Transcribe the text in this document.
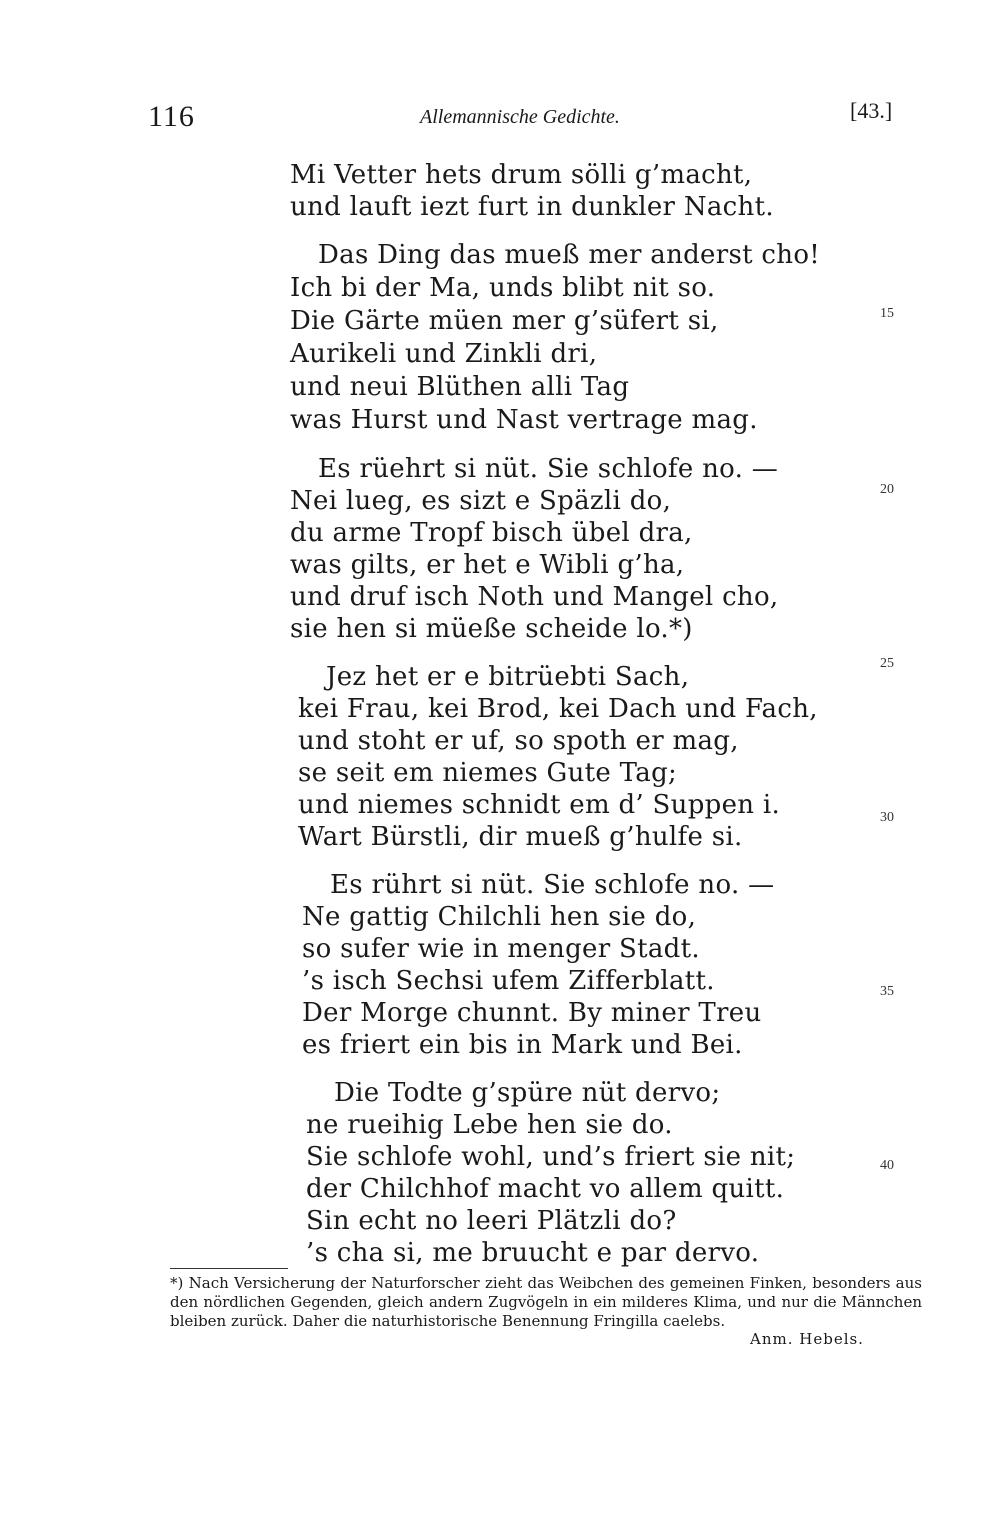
116	Allemannische Gedichte.	[43.]
Mi Vetter hets drum sölli g’macht,
und lauft iezt furt in dunkler Nacht.
Das Ding das mueß mer anderst cho!
Ich bi der Ma, unds blibt nit so.
Die Gärte müen mer g’süfert si,
Aurikeli und Zinkli dri,
und neui Blüthen alli Tag
was Hurst und Nast vertrage mag.
Es rüehrt si nüt. Sie schlofe no. —
Nei lueg, es sizt e Späzli do,
du arme Tropf bisch übel dra,
was gilts, er het e Wibli g’ha,
und druf isch Noth und Mangel cho,
sie hen si müeße scheide lo.*)
Jez het er e bitrüebti Sach,
kei Frau, kei Brod, kei Dach und Fach,
und stoht er uf, so spoth er mag,
se seit em niemes Gute Tag;
und niemes schnidt em d’ Suppen i.
Wart Bürstli, dir mueß g’hulfe si.
Es rührt si nüt. Sie schlofe no. —
Ne gattig Chilchli hen sie do,
so sufer wie in menger Stadt.
’s isch Sechsi ufem Zifferblatt.
Der Morge chunnt. By miner Treu
es friert ein bis in Mark und Bei.
Die Todte g’spüre nüt dervo;
ne rueihig Lebe hen sie do.
Sie schlofe wohl, und’s friert sie nit;
der Chilchhof macht vo allem quitt.
Sin echt no leeri Plätzli do?
’s cha si, me bruucht e par dervo.
15
20
25
30
35
40
*) Nach Versicherung der Naturforscher zieht das Weibchen des gemeinen Finken, besonders aus den nördlichen Gegenden, gleich andern Zugvögeln in ein milderes Klima, und nur die Männchen bleiben zurück. Daher die naturhistorische Benennung Fringilla caelebs.
Anm. Hebels.
